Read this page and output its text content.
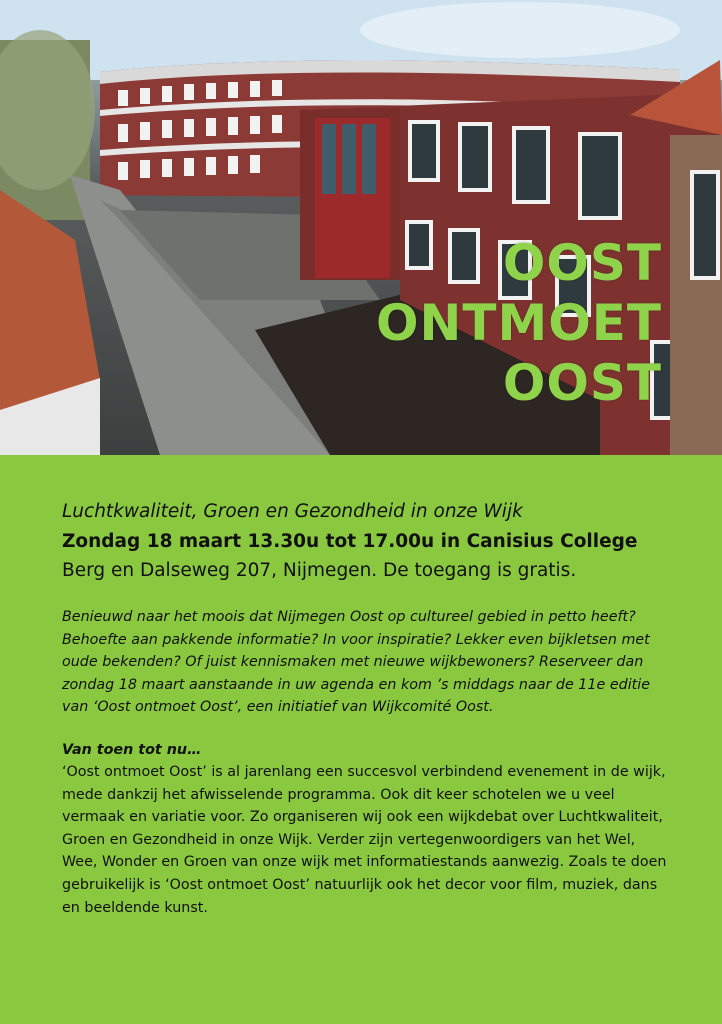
OOST
ONTMOET
OOST

Luchtkwaliteit, Groen en Gezondheid in onze Wijk

Zondag 18 maart 13.30u tot 17.00u in Canisius College

Berg en Dalseweg 207, Nijmegen. De toegang is gratis.

Benieuwd naar het moois dat Nijmegen Oost op cultureel gebied in petto heeft? Behoefte aan pakkende informatie? In voor inspiratie? Lekker even bijkletsen met oude bekenden? Of juist kennismaken met nieuwe wijkbewoners? Reserveer dan zondag 18 maart aanstaande in uw agenda en kom ’s middags naar de 11e editie van ‘Oost ontmoet Oost’, een initiatief van Wijkcomité Oost.

Van toen tot nu…

‘Oost ontmoet Oost’ is al jarenlang een succesvol verbindend evenement in de wijk, mede dankzij het afwisselende programma. Ook dit keer schotelen we u veel vermaak en variatie voor. Zo organiseren wij ook een wijkdebat over Luchtkwaliteit, Groen en Gezondheid in onze Wijk. Verder zijn vertegenwoordigers van het Wel, Wee, Wonder en Groen van onze wijk met informatiestands aanwezig. Zoals te doen gebruikelijk is ‘Oost ontmoet Oost’ natuurlijk ook het decor voor film, muziek, dans en beeldende kunst.
